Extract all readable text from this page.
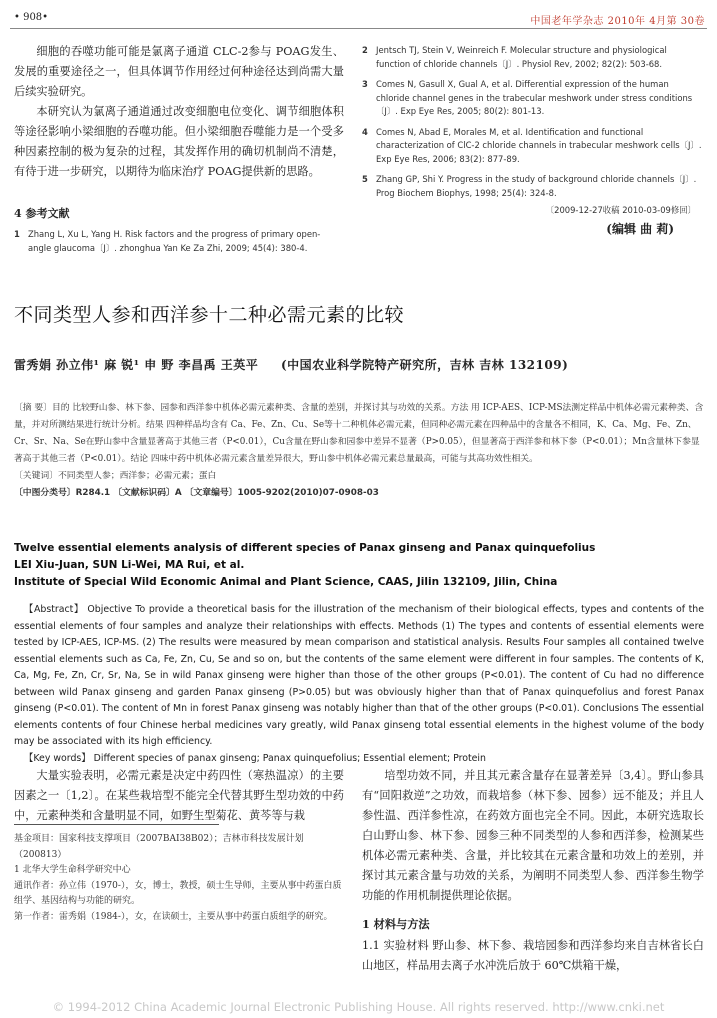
• 908•	中国老年学杂志 2010年 4月第 30卷

细胞的吞噬功能可能是氯离子通道 CLC-2参与 POAG发生、发展的重要途径之一，但具体调节作用经过何种途径达到尚需大量后续实验研究。

本研究认为氯离子通道通过改变细胞电位变化、调节细胞体积等途径影响小梁细胞的吞噬功能。但小梁细胞吞噬能力是一个受多种因素控制的极为复杂的过程，其发挥作用的确切机制尚不清楚，有待于进一步研究，以期待为临床治疗 POAG提供新的思路。

4 参考文献
1 Zhang L, Xu L, Yang H. Risk factors and the progress of primary open-angle glaucoma〔J〕. zhonghua Yan Ke Za Zhi, 2009; 45(4): 380-4.
2 Jentsch TJ, Stein V, Weinreich F. Molecular structure and physiological function of chloride channels〔J〕. Physiol Rev, 2002; 82(2): 503-68.
3 Comes N, Gasull X, Gual A, et al. Differential expression of the human chloride channel genes in the trabecular meshwork under stress conditions〔J〕. Exp Eye Res, 2005; 80(2): 801-13.
4 Comes N, Abad E, Morales M, et al. Identification and functional characterization of ClC-2 chloride channels in trabecular meshwork cells〔J〕. Exp Eye Res, 2006; 83(2): 877-89.
5 Zhang GP, Shi Y. Progress in the study of background chloride channels〔J〕. Prog Biochem Biophys, 1998; 25(4): 324-8.
〔2009-12-27收稿 2010-03-09修回〕
(编辑 曲 莉)
不同类型人参和西洋参十二种必需元素的比较
雷秀娟 孙立伟¹ 麻 锐¹ 申 野 李昌禹 王英平 (中国农业科学院特产研究所，吉林 吉林 132109)
〔摘 要〕目的 比较野山参、林下参、园参和西洋参中机体必需元素种类、含量的差别，并探讨其与功效的关系。方法 用 ICP-AES、ICP-MS法测定样品中机体必需元素种类、含量，并对所测结果进行统计分析。结果 四种样品均含有 Ca、Fe、Zn、Cu、Se等十二种机体必需元素，但同种必需元素在四种品中的含量各不相同，K、Ca、Mg、Fe、Zn、Cr、Sr、Na、Se在野山参中含量显著高于其他三者（P<0.01），Cu含量在野山参和园参中差异不显著（P>0.05），但显著高于西洋参和林下参（P<0.01）；Mn含量林下参显著高于其他三者（P<0.01）。结论 四味中药中机体必需元素含量差异很大，野山参中机体必需元素总量最高，可能与其高功效性相关。
〔关键词〕不同类型人参；西洋参；必需元素；蛋白
〔中图分类号〕R284.1 〔文献标识码〕A 〔文章编号〕1005-9202(2010)07-0908-03
Twelve essential elements analysis of different species of Panax ginseng and Panax quinquefolius
LEI Xiu-Juan, SUN Li-Wei, MA Rui, et al.
Institute of Special Wild Economic Animal and Plant Science, CAAS, Jilin 132109, Jilin, China
【Abstract】 Objective To provide a theoretical basis for the illustration of the mechanism of their biological effects, types and contents of the essential elements of four samples and analyze their relationships with effects. Methods (1) The types and contents of essential elements were tested by ICP-AES, ICP-MS. (2) The results were measured by mean comparison and statistical analysis. Results Four samples all contained twelve essential elements such as Ca, Fe, Zn, Cu, Se and so on, but the contents of the same element were different in four samples. The contents of K, Ca, Mg, Fe, Zn, Cr, Sr, Na, Se in wild Panax ginseng were higher than those of the other groups (P<0.01). The content of Cu had no difference between wild Panax ginseng and garden Panax ginseng (P>0.05) but was obviously higher than that of Panax quinquefolius and forest Panax ginseng (P<0.01). The content of Mn in forest Panax ginseng was notably higher than that of the other groups (P<0.01). Conclusions The essential elements contents of four Chinese herbal medicines vary greatly, wild Panax ginseng total essential elements in the highest volume of the body may be associated with its high efficiency.
【Key words】 Different species of panax ginseng; Panax quinquefolius; Essential element; Protein

大量实验表明，必需元素是决定中药四性（寒热温凉）的主要因素之一〔1,2〕。在某些栽培型不能完全代替其野生型功效的中药中，元素种类和含量明显不同，如野生型菊花、黄芩等与栽

培型功效不同，并且其元素含量存在显著差异〔3,4〕。野山参具有“回阳救逆”之功效，而栽培参（林下参、园参）远不能及；并且人参性温、西洋参性凉，在药效方面也完全不同。因此，本研究选取长白山野山参、林下参、园参三种不同类型的人参和西洋参，检测某些机体必需元素种类、含量，并比较其在元素含量和功效上的差别，并探讨其元素含量与功效的关系，为阐明不同类型人参、西洋参生物学功能的作用机制提供理论依据。

1 材料与方法
1.1 实验材料 野山参、林下参、栽培园参和西洋参均来自吉林省长白山地区，样品用去离子水冲洗后放于 60℃烘箱干燥，
基金项目：国家科技支撑项目（2007BAI38B02）；吉林市科技发展计划（200813）
1 北华大学生命科学研究中心
通讯作者：孙立伟（1970-），女，博士，教授，硕士生导师，主要从事中药蛋白质组学、基因结构与功能的研究。
第一作者：雷秀娟（1984-），女，在读硕士，主要从事中药蛋白质组学的研究。
© 1994-2012 China Academic Journal Electronic Publishing House. All rights reserved. http://www.cnki.net
